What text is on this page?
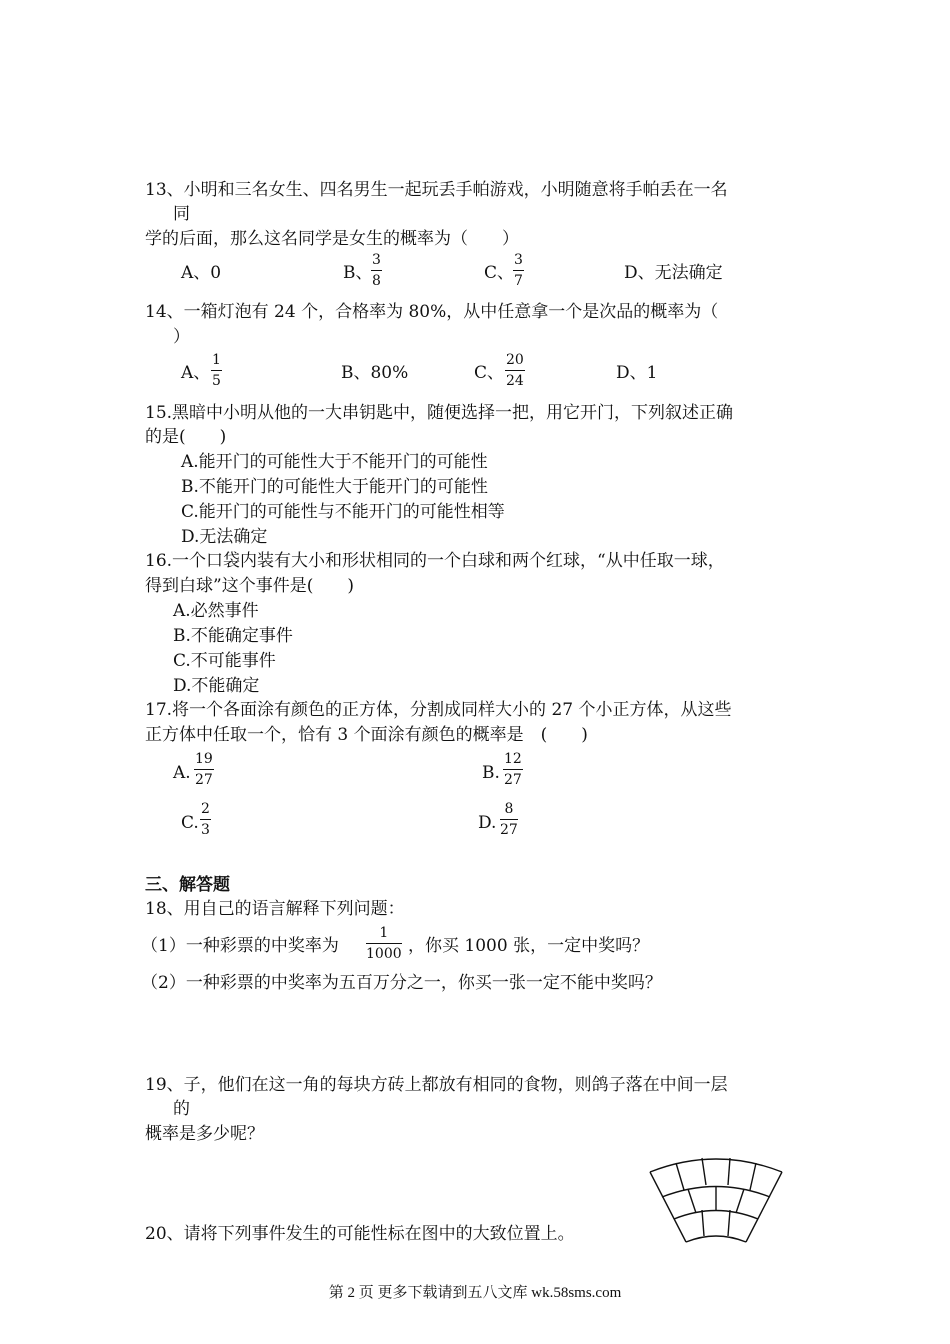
13、小明和三名女生、四名男生一起玩丢手帕游戏，小明随意将手帕丢在一名
同
学的后面，那么这名同学是女生的概率为（　　）
A、0	B、
$\frac{3}{8}$	C、
$\frac{3}{7}$	D、无法确定
14、一箱灯泡有 24 个，合格率为 80%，从中任意拿一个是次品的概率为（
）
A、 $\frac{1}{5}$	B、80%	C、 $\frac{20}{24}$	D、1
15.黑暗中小明从他的一大串钥匙中，随便选择一把，用它开门，下列叙述正确
的是(　　)
A.能开门的可能性大于不能开门的可能性
B.不能开门的可能性大于能开门的可能性
C.能开门的可能性与不能开门的可能性相等
D.无法确定
16.一个口袋内装有大小和形状相同的一个白球和两个红球，“从中任取一球，
得到白球”这个事件是(　　)
A.必然事件
B.不能确定事件
C.不可能事件
D.不能确定
17.将一个各面涂有颜色的正方体，分割成同样大小的 27 个小正方体，从这些
正方体中任取一个，恰有 3 个面涂有颜色的概率是　(　　)
A. $\frac{19}{27}$	B. $\frac{12}{27}$
C. $\frac{2}{3}$	D. $\frac{8}{27}$
三、解答题
18、用自己的语言解释下列问题：
（1）一种彩票的中奖率为 $\frac{1}{1000}$ ，你买 1000 张，一定中奖吗？
（2）一种彩票的中奖率为五百万分之一，你买一张一定不能中奖吗？
19、子，他们在这一角的每块方砖上都放有相同的食物，则鸽子落在中间一层
的
概率是多少呢？
20、请将下列事件发生的可能性标在图中的大致位置上。
第 2 页 更多下载请到五八文库 wk.58sms.com
